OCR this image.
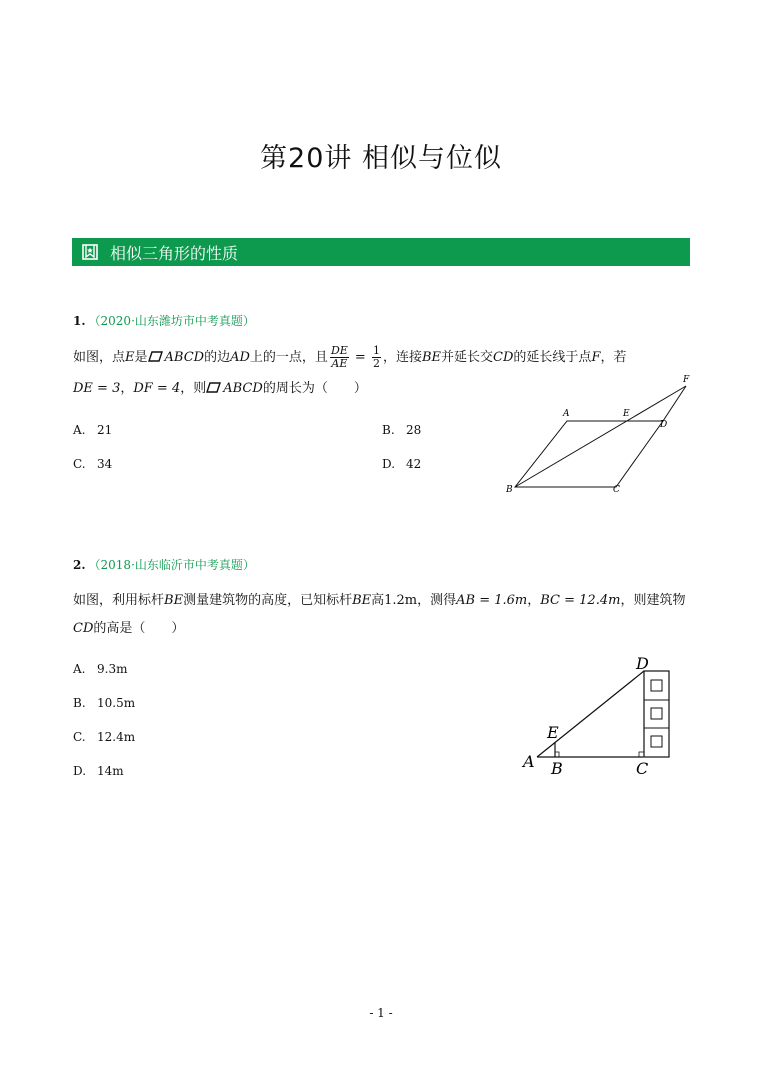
第20讲 相似与位似
相似三角形的性质
1. （2020·山东潍坊市中考真题）
如图，点E是 ABCD的边AD上的一点，且 $\frac{DE}{AE} = \frac{1}{2}$ ，连接BE并延长交CD的延长线于点F，若
DE = 3，DF = 4，则 ABCD的周长为（　　）
A. 21	B. 28
C. 34	D. 42
A	E
F
D
B	C
2. （2018·山东临沂市中考真题）
如图，利用标杆BE测量建筑物的高度，已知标杆BE高1.2m，测得AB = 1.6m，BC = 12.4m，则建筑物
CD的高是（　　）
A. 9.3m
B. 10.5m
C. 12.4m
D. 14m	A B	C
D
E
- 1 -
